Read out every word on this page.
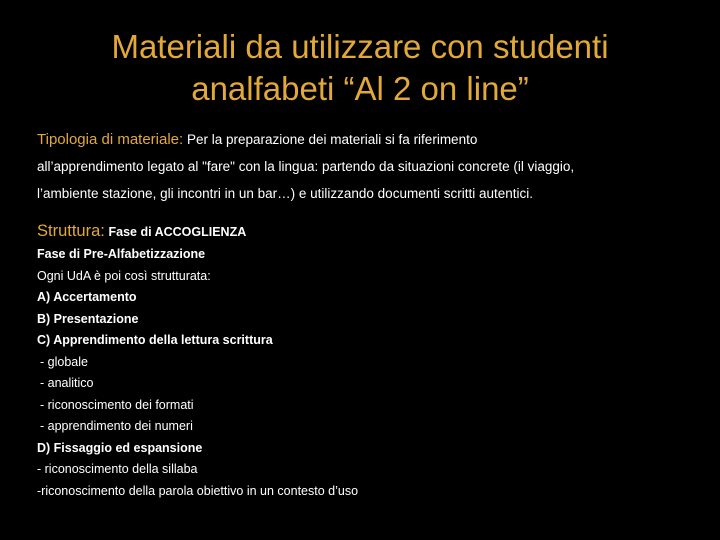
Materiali da utilizzare con studenti
analfabeti “Al 2 on line”
Tipologia di materiale: Per la preparazione dei materiali si fa riferimento
all’apprendimento legato al "fare" con la lingua: partendo da situazioni concrete (il viaggio,
l’ambiente stazione, gli incontri in un bar…) e utilizzando documenti scritti autentici.
Struttura: Fase di ACCOGLIENZA
Fase di Pre-Alfabetizzazione
Ogni UdA è poi così strutturata:
A) Accertamento
B) Presentazione
C) Apprendimento della lettura scrittura
- globale
- analitico
- riconoscimento dei formati
- apprendimento dei numeri
D) Fissaggio ed espansione
- riconoscimento della sillaba
-riconoscimento della parola obiettivo in un contesto d’uso
